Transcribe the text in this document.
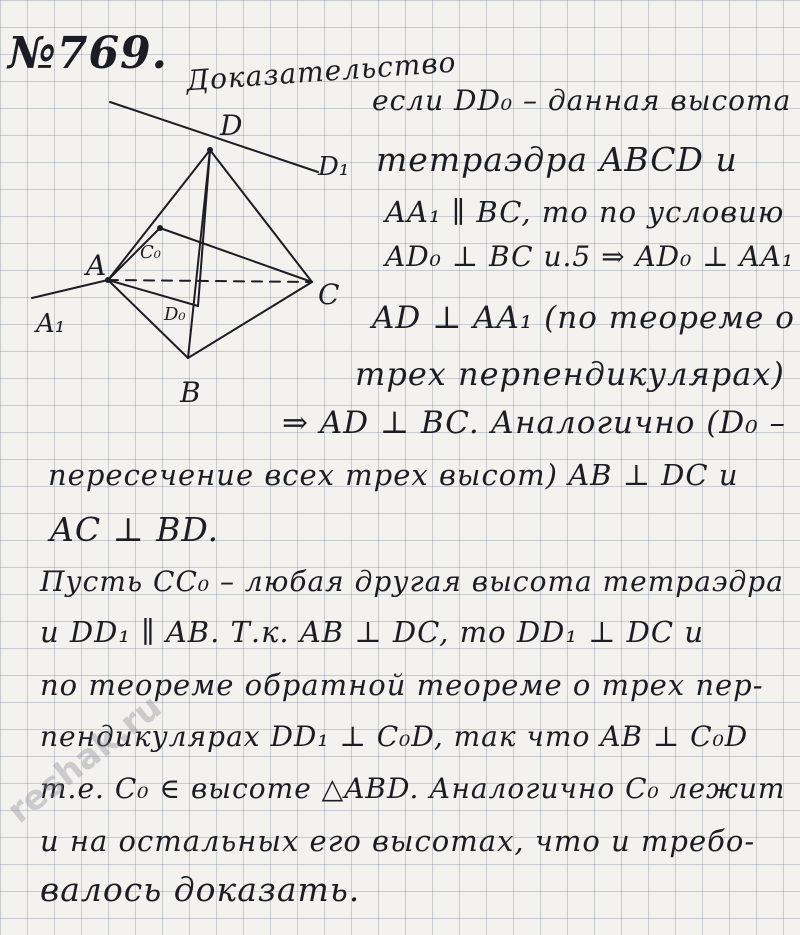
№769. Доказательство
D
D₁
A
A₁
C₀
D₀
C
B
если DD₀ – данная высота
тетраэдра ABCD и
AA₁ ∥ BC, то по условию
AD₀ ⊥ BC и.5 ⇒ AD₀ ⊥ AA₁
AD ⊥ AA₁ (по теореме о
трех перпендикулярах)
⇒ AD ⊥ BC. Аналогично (D₀ –
пересечение всех трех высот) AB ⊥ DC и
AC ⊥ BD.
Пусть CC₀ – любая другая высота тетраэдра
и DD₁ ∥ AB. Т.к. AB ⊥ DC, то DD₁ ⊥ DC и
по теореме обратной теореме о трех пер-
пендикулярах DD₁ ⊥ C₀D, так что AB ⊥ C₀D
т.е. C₀ ∈ высоте △ABD. Аналогично C₀ лежит
и на остальных его высотах, что и требо-
валось доказать.
reshak.ru
